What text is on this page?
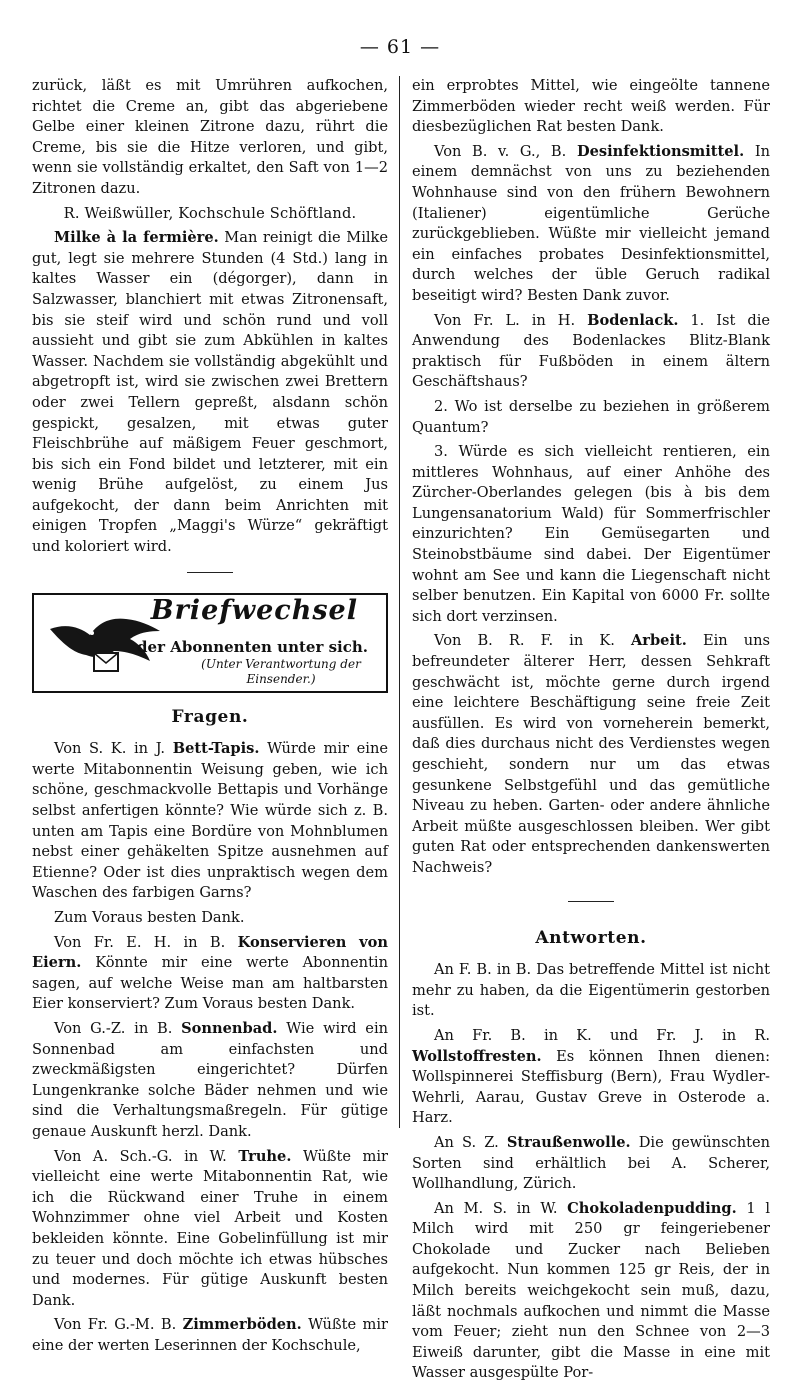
— 61 —

zurück, läßt es mit Umrühren aufkochen, richtet die Creme an, gibt das abgeriebene Gelbe einer kleinen Zitrone dazu, rührt die Creme, bis sie die Hitze verloren, und gibt, wenn sie vollständig erkaltet, den Saft von 1—2 Zitronen dazu.

R. Weißwüller, Kochschule Schöftland.

Milke à la fermière. Man reinigt die Milke gut, legt sie mehrere Stunden (4 Std.) lang in kaltes Wasser ein (dégorger), dann in Salzwasser, blanchiert mit etwas Zitronensaft, bis sie steif wird und schön rund und voll aussieht und gibt sie zum Abkühlen in kaltes Wasser. Nachdem sie vollständig abgekühlt und abgetropft ist, wird sie zwischen zwei Brettern oder zwei Tellern gepreßt, alsdann schön gespickt, gesalzen, mit etwas guter Fleischbrühe auf mäßigem Feuer geschmort, bis sich ein Fond bildet und letzterer, mit ein wenig Brühe aufgelöst, zu einem Jus aufgekocht, der dann beim Anrichten mit einigen Tropfen „Maggi's Würze“ gekräftigt und koloriert wird.

Briefwechsel
der Abonnenten unter sich.
(Unter Verantwortung der Einsender.)
Fragen.

Von S. K. in J. Bett-Tapis. Würde mir eine werte Mitabonnentin Weisung geben, wie ich schöne, geschmackvolle Bettapis und Vorhänge selbst anfertigen könnte? Wie würde sich z. B. unten am Tapis eine Bordüre von Mohnblumen nebst einer gehäkelten Spitze ausnehmen auf Etienne? Oder ist dies unpraktisch wegen dem Waschen des farbigen Garns?

Zum Voraus besten Dank.

Von Fr. E. H. in B. Konservieren von Eiern. Könnte mir eine werte Abonnentin sagen, auf welche Weise man am haltbarsten Eier konserviert? Zum Voraus besten Dank.

Von G.-Z. in B. Sonnenbad. Wie wird ein Sonnenbad am einfachsten und zweckmäßigsten eingerichtet? Dürfen Lungenkranke solche Bäder nehmen und wie sind die Verhaltungsmaßregeln. Für gütige genaue Auskunft herzl. Dank.

Von A. Sch.-G. in W. Truhe. Wüßte mir vielleicht eine werte Mitabonnentin Rat, wie ich die Rückwand einer Truhe in einem Wohnzimmer ohne viel Arbeit und Kosten bekleiden könnte. Eine Gobelinfüllung ist mir zu teuer und doch möchte ich etwas hübsches und modernes. Für gütige Auskunft besten Dank.

Von Fr. G.-M. B. Zimmerböden. Wüßte mir eine der werten Leserinnen der Kochschule,

ein erprobtes Mittel, wie eingeölte tannene Zimmerböden wieder recht weiß werden. Für diesbezüglichen Rat besten Dank.

Von B. v. G., B. Desinfektionsmittel. In einem demnächst von uns zu beziehenden Wohnhause sind von den frühern Bewohnern (Italiener) eigentümliche Gerüche zurückgeblieben. Wüßte mir vielleicht jemand ein einfaches probates Desinfektionsmittel, durch welches der üble Geruch radikal beseitigt wird? Besten Dank zuvor.

Von Fr. L. in H. Bodenlack. 1. Ist die Anwendung des Bodenlackes Blitz-Blank praktisch für Fußböden in einem ältern Geschäftshaus?

2. Wo ist derselbe zu beziehen in größerem Quantum?

3. Würde es sich vielleicht rentieren, ein mittleres Wohnhaus, auf einer Anhöhe des Zürcher-Oberlandes gelegen (bis à bis dem Lungensanatorium Wald) für Sommerfrischler einzurichten? Ein Gemüsegarten und Steinobstbäume sind dabei. Der Eigentümer wohnt am See und kann die Liegenschaft nicht selber benutzen. Ein Kapital von 6000 Fr. sollte sich dort verzinsen.

Von B. R. F. in K. Arbeit. Ein uns befreundeter älterer Herr, dessen Sehkraft geschwächt ist, möchte gerne durch irgend eine leichtere Beschäftigung seine freie Zeit ausfüllen. Es wird von vorneherein bemerkt, daß dies durchaus nicht des Verdienstes wegen geschieht, sondern nur um das etwas gesunkene Selbstgefühl und das gemütliche Niveau zu heben. Garten- oder andere ähnliche Arbeit müßte ausgeschlossen bleiben. Wer gibt guten Rat oder entsprechenden dankenswerten Nachweis?

Antworten.

An F. B. in B. Das betreffende Mittel ist nicht mehr zu haben, da die Eigentümerin gestorben ist.

An Fr. B. in K. und Fr. J. in R. Wollstoffresten. Es können Ihnen dienen: Wollspinnerei Steffisburg (Bern), Frau Wydler-Wehrli, Aarau, Gustav Greve in Osterode a. Harz.

An S. Z. Straußenwolle. Die gewünschten Sorten sind erhältlich bei A. Scherer, Wollhandlung, Zürich.

An M. S. in W. Chokoladenpudding. 1 l Milch wird mit 250 gr feingeriebener Chokolade und Zucker nach Belieben aufgekocht. Nun kommen 125 gr Reis, der in Milch bereits weichgekocht sein muß, dazu, läßt nochmals aufkochen und nimmt die Masse vom Feuer; zieht nun den Schnee von 2—3 Eiweiß darunter, gibt die Masse in eine mit Wasser ausgespülte Por-
